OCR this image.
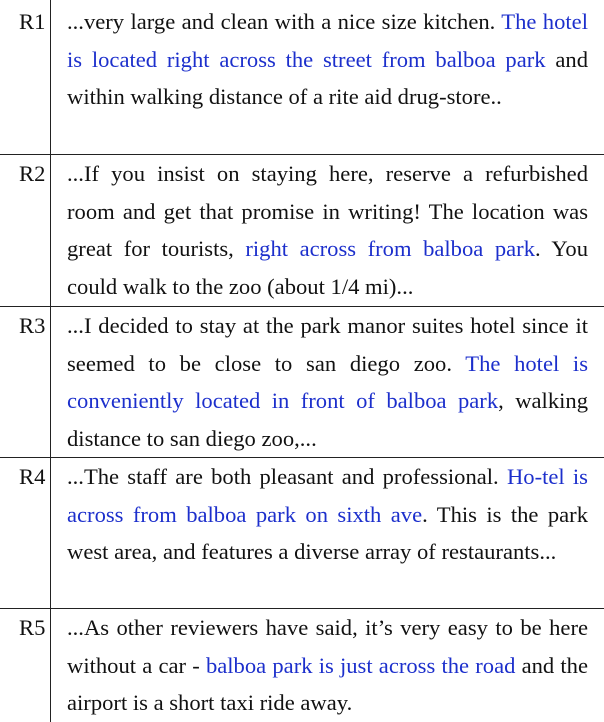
R1 ...very large and clean with a nice size kitchen. The hotel is located right across the street from balboa park and within walking distance of a rite aid drug-store..
R2 ...If you insist on staying here, reserve a refurbished room and get that promise in writing! The location was great for tourists, right across from balboa park. You could walk to the zoo (about 1/4 mi)...
R3 ...I decided to stay at the park manor suites hotel since it seemed to be close to san diego zoo. The hotel is conveniently located in front of balboa park, walking distance to san diego zoo,...
R4 ...The staff are both pleasant and professional. Ho-tel is across from balboa park on sixth ave. This is the park west area, and features a diverse array of restaurants...
R5 ...As other reviewers have said, it’s very easy to be here without a car - balboa park is just across the road and the airport is a short taxi ride away.
